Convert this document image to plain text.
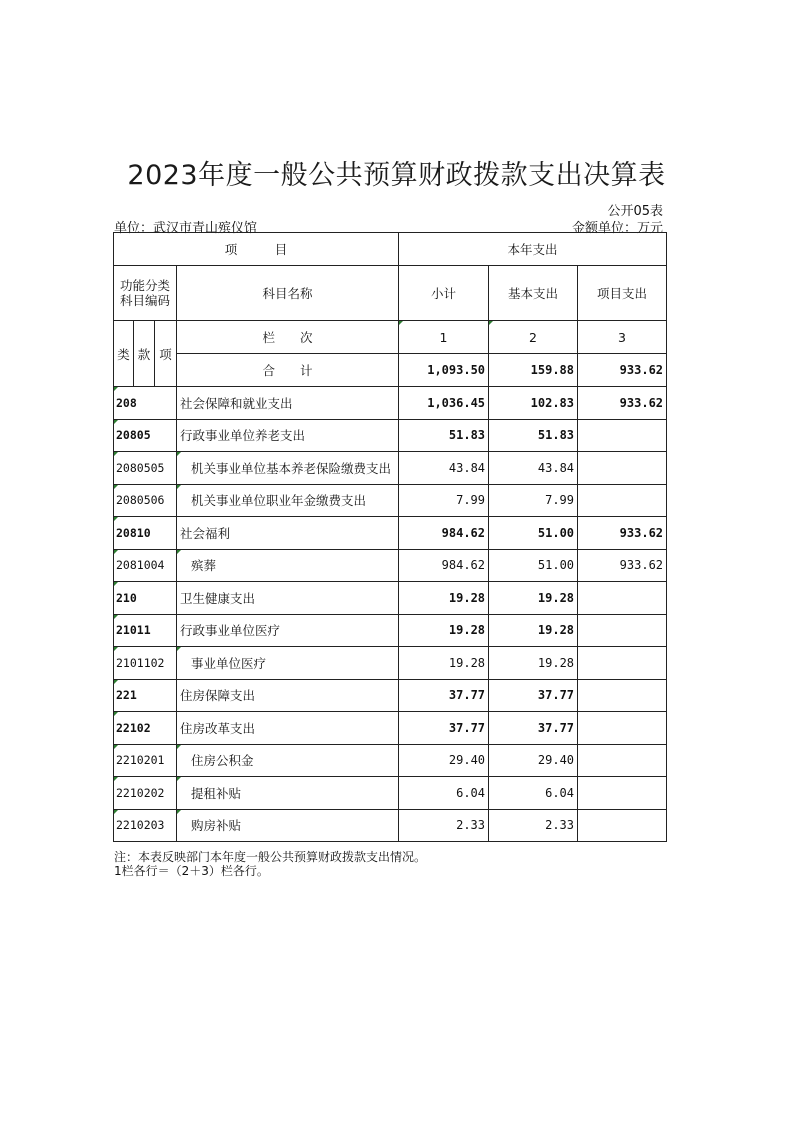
2023年度一般公共预算财政拨款支出决算表
公开05表
单位：武汉市青山殡仪馆	金额单位：万元
项　　　目				本年支出		

功能分类
科目编码			科目名称	小计	基本支出	项目支出
类	款	项	栏　　次	1	2	3
			合　　计	1,093.50	159.88	933.62
208			社会保障和就业支出	1,036.45	102.83	933.62
20805			行政事业单位养老支出	51.83	51.83	
2080505			机关事业单位基本养老保险缴费支出	43.84	43.84	
2080506			机关事业单位职业年金缴费支出	7.99	7.99	
20810			社会福利	984.62	51.00	933.62
2081004			殡葬	984.62	51.00	933.62
210			卫生健康支出	19.28	19.28	
21011			行政事业单位医疗	19.28	19.28	
2101102			事业单位医疗	19.28	19.28	
221			住房保障支出	37.77	37.77	
22102			住房改革支出	37.77	37.77	
2210201			住房公积金	29.40	29.40	
2210202			提租补贴	6.04	6.04	
2210203			购房补贴	2.33	2.33	
注：本表反映部门本年度一般公共预算财政拨款支出情况。
1栏各行＝（2＋3）栏各行。
